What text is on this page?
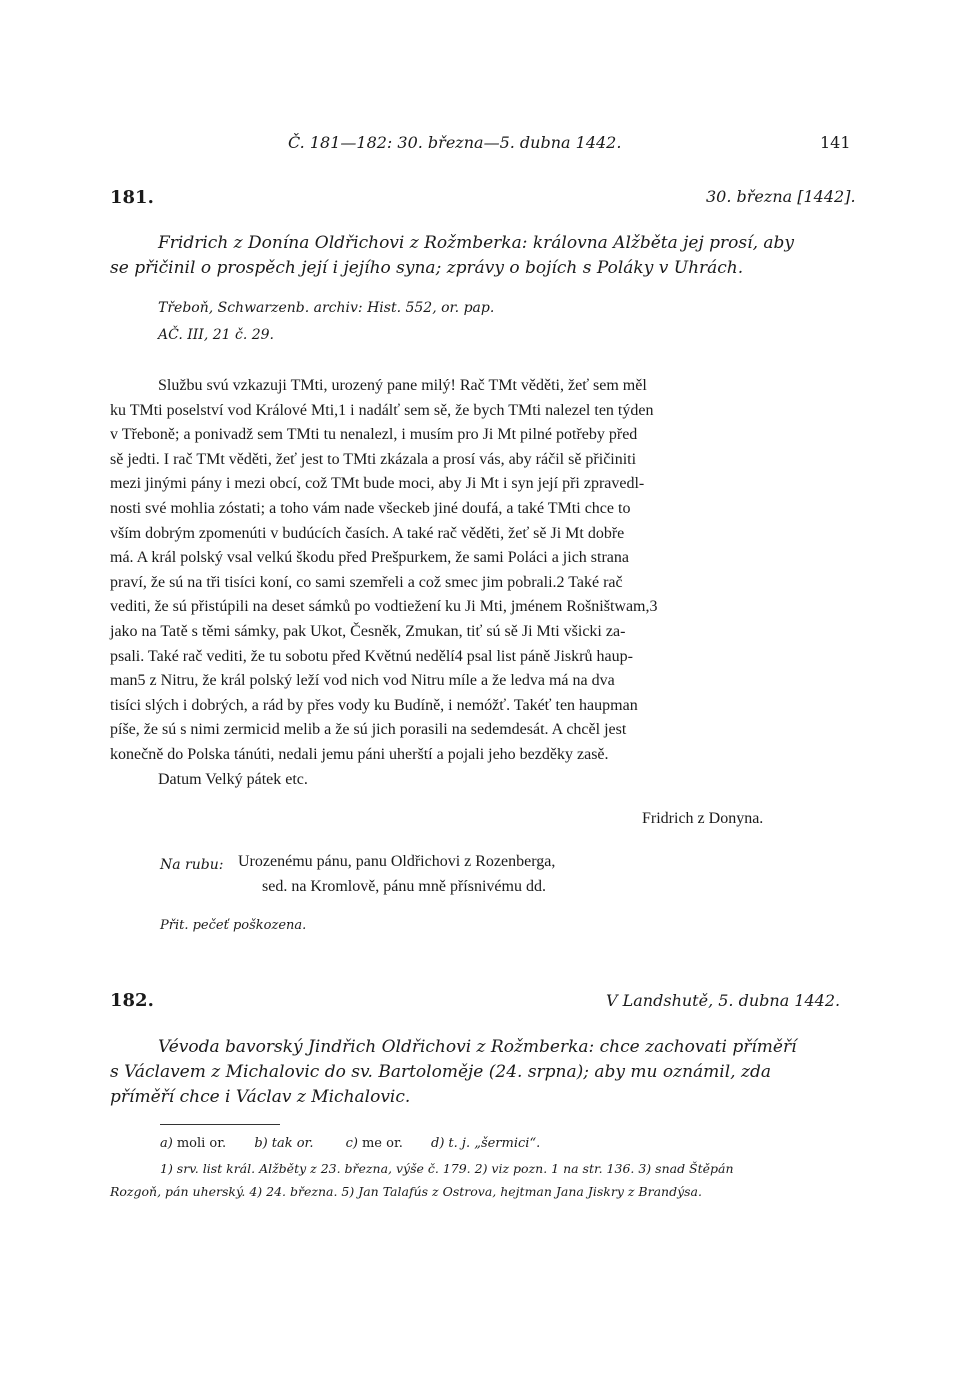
Č. 181—182: 30. března—5. dubna 1442.	141
181.	30. března [1442].

Fridrich z Donína Oldřichovi z Rožmberka: královna Alžběta jej prosí, aby

se přičinil o prospěch její i jejího syna; zprávy o bojích s Poláky v Uhrách.

Třeboň, Schwarzenb. archiv: Hist. 552, or. pap.
AČ. III, 21 č. 29.
Službu svú vzkazuji TMti, urozený pane milý! Rač TMt věděti, žeť sem měl
ku TMti poselství vod Králové Mti,1 i nadálť sem sě, že bych TMti nalezel ten týden
v Třeboně; a ponivadž sem TMti tu nenalezl, i musím pro Ji Mt pilné potřeby před
sě jedti. I rač TMt věděti, žeť jest to TMti zkázala a prosí vás, aby ráčil sě přičiniti
mezi jinými pány i mezi obcí, což TMt bude moci, aby Ji Mt i syn její při zpravedl-
nosti své mohlia zóstati; a toho vám nade všeckeb jiné doufá, a také TMti chce to
vším dobrým zpomenúti v budúcích časích. A také rač věděti, žeť sě Ji Mt dobře
má. A král polský vsal velkú škodu před Prešpurkem, že sami Poláci a jich strana
praví, že sú na tři tisíci koní, co sami szemřeli a což smec jim pobrali.2 Také rač
vediti, že sú přistúpili na deset sámků po vodtiežení ku Ji Mti, jménem Rošništwam,3
jako na Tatě s těmi sámky, pak Ukot, Česněk, Zmukan, tiť sú sě Ji Mti všicki za-
psali. Také rač vediti, že tu sobotu před Květnú nedělí4 psal list páně Jiskrů haup-
man5 z Nitru, že král polský leží vod nich vod Nitru míle a že ledva má na dva
tisíci slých i dobrých, a rád by přes vody ku Budíně, i nemóžť. Takéť ten haupman
píše, že sú s nimi zermicid melib a že sú jich porasili na sedemdesát. A chcěl jest
konečně do Polska tánúti, nedali jemu páni uherští a pojali jeho bezděky zasě.
Datum Velký pátek etc.
Fridrich z Donyna.
Na rubu: Urozenému pánu, panu Oldřichovi z Rozenberga,
sed. na Kromlově, pánu mně přísnivému dd.
Přit. pečeť poškozena.
182.	V Landshutě, 5. dubna 1442.

Vévoda bavorský Jindřich Oldřichovi z Rožmberka: chce zachovati příměří

s Václavem z Michalovic do sv. Bartoloměje (24. srpna); aby mu oznámil, zda

příměří chce i Václav z Michalovic.

a) moli or. b) tak or. c) me or. d) t. j. „šermici“.
1) srv. list král. Alžběty z 23. března, výše č. 179. 2) viz pozn. 1 na str. 136. 3) snad Štěpán
Rozgoň, pán uherský. 4) 24. března. 5) Jan Talafús z Ostrova, hejtman Jana Jiskry z Brandýsa.
